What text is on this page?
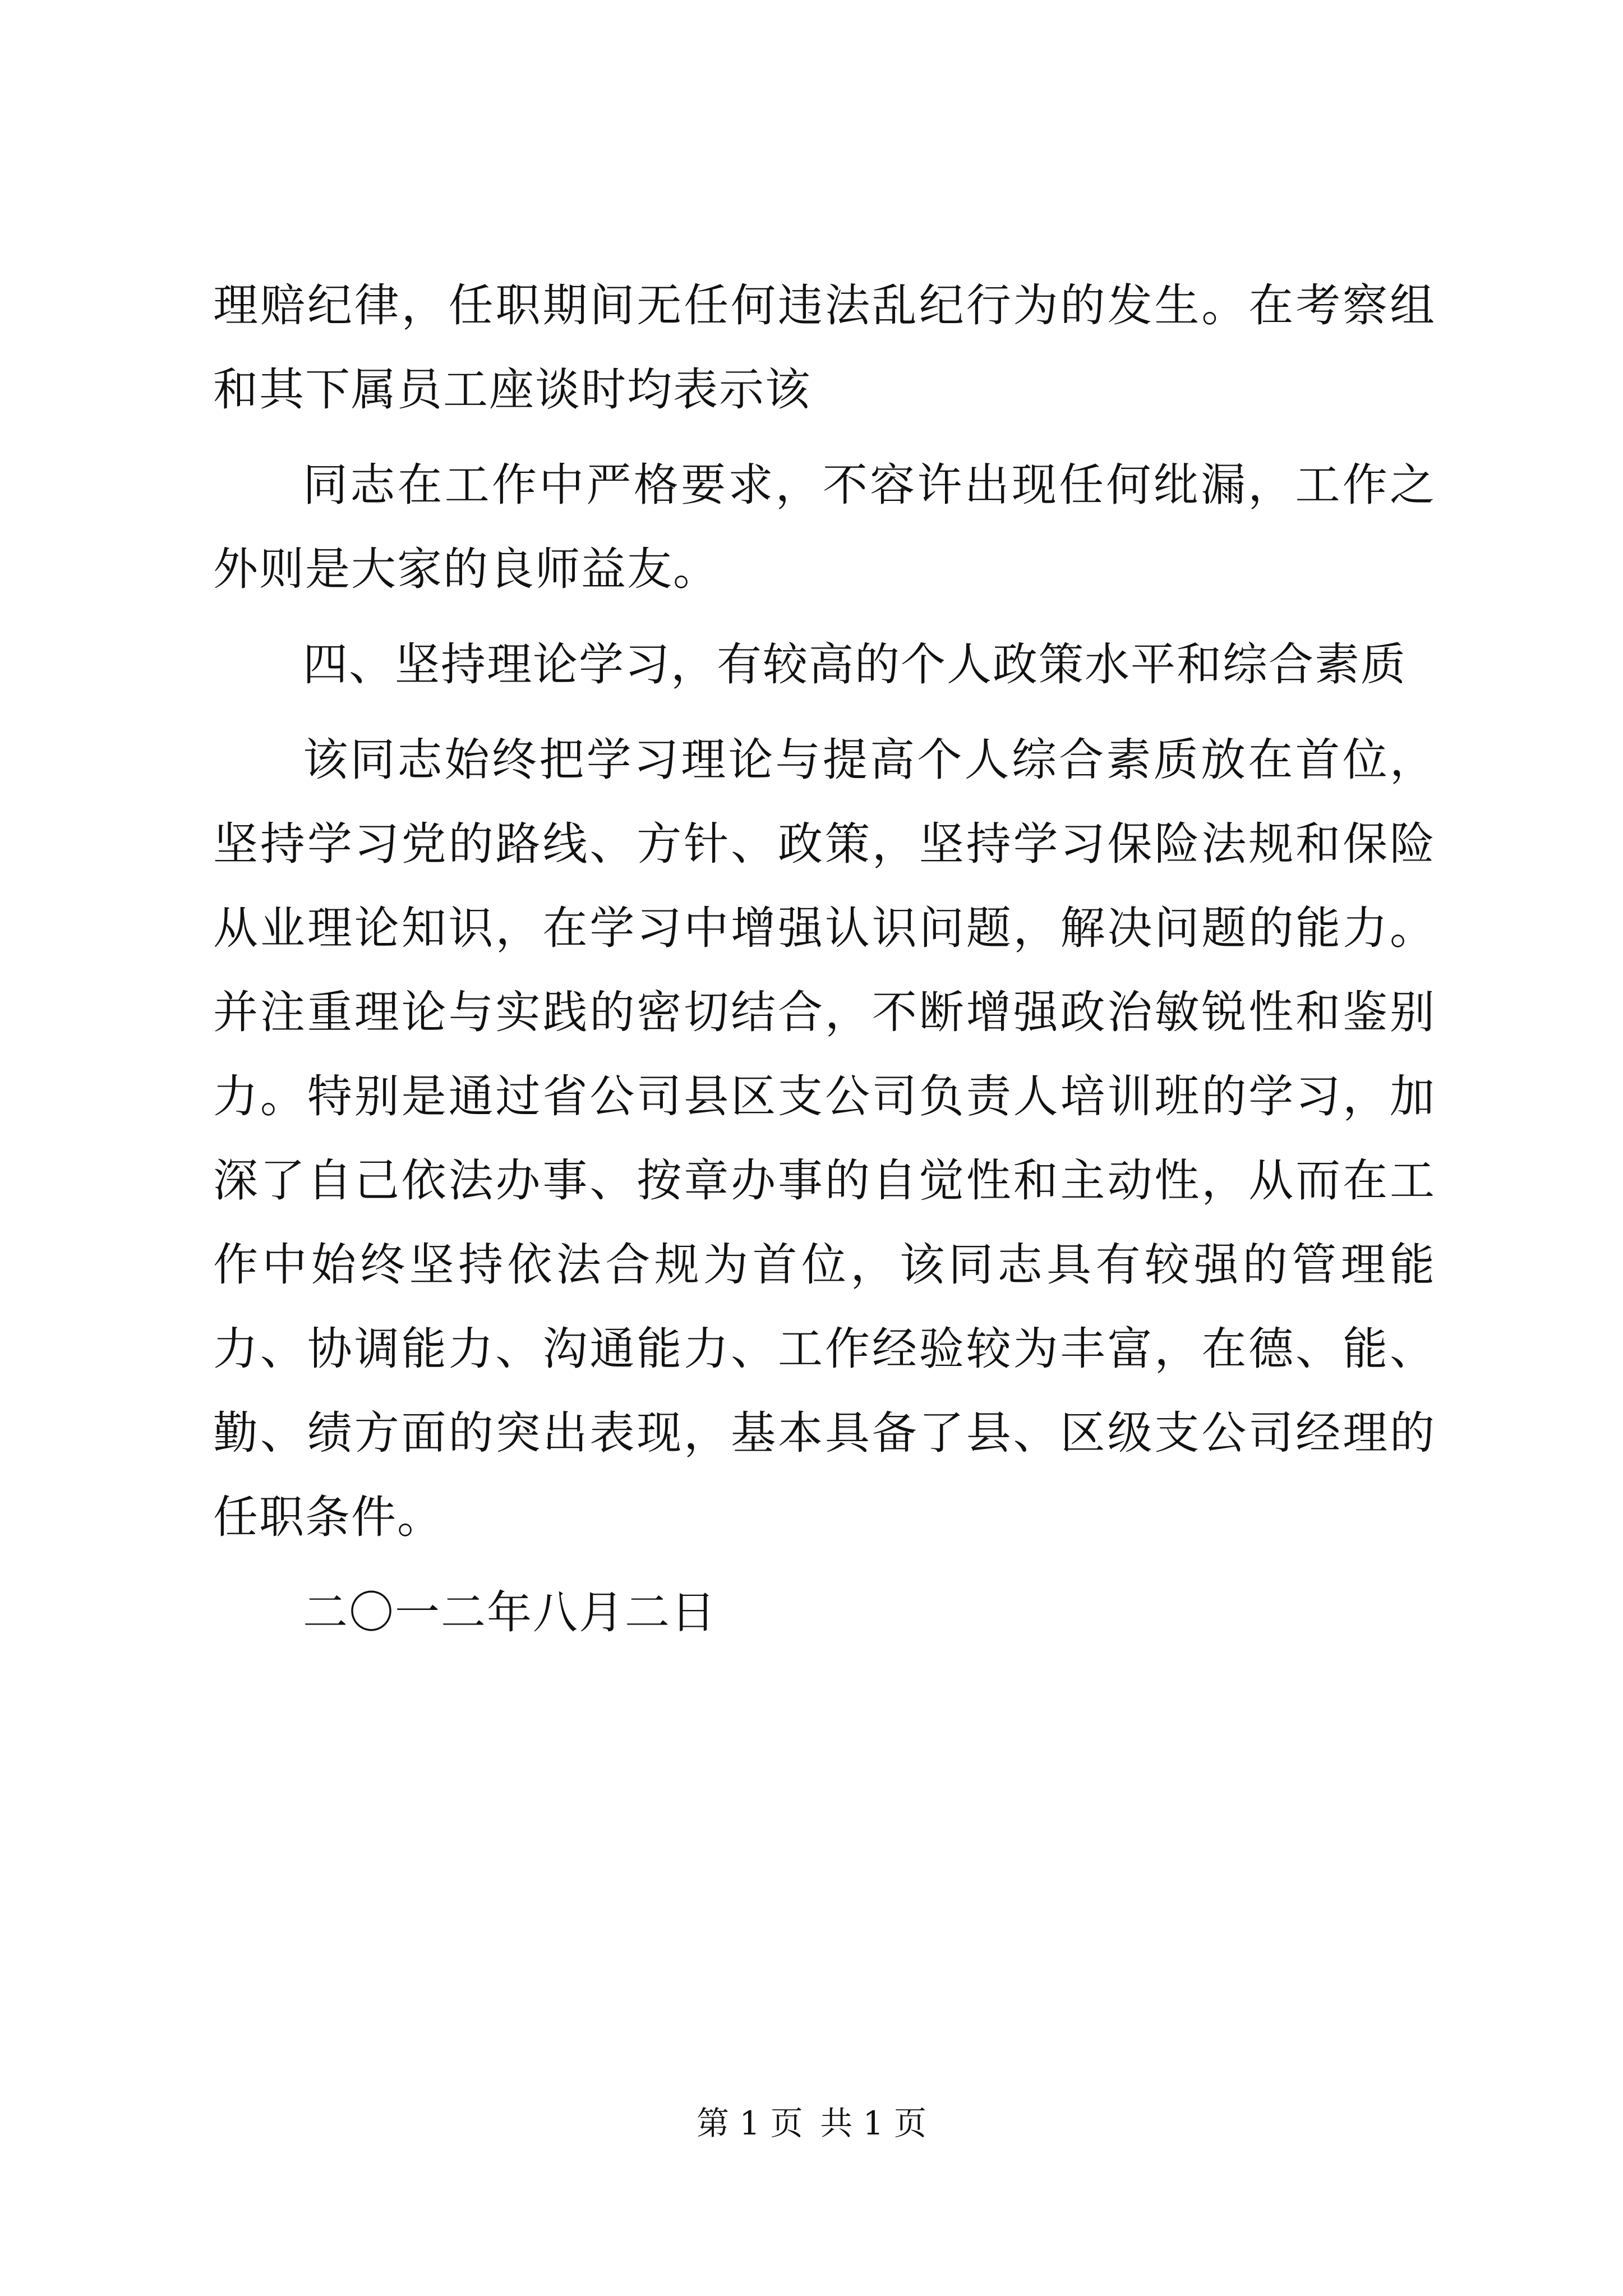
理赔纪律，任职期间无任何违法乱纪行为的发生。在考察组和其下属员工座谈时均表示该

同志在工作中严格要求，不容许出现任何纰漏，工作之外则是大家的良师益友。

四、坚持理论学习，有较高的个人政策水平和综合素质

该同志始终把学习理论与提高个人综合素质放在首位，坚持学习党的路线、方针、政策，坚持学习保险法规和保险从业理论知识，在学习中增强认识问题，解决问题的能力。并注重理论与实践的密切结合，不断增强政治敏锐性和鉴别力。特别是通过省公司县区支公司负责人培训班的学习，加深了自己依法办事、按章办事的自觉性和主动性，从而在工作中始终坚持依法合规为首位，该同志具有较强的管理能力、协调能力、沟通能力、工作经验较为丰富，在德、能、勤、绩方面的突出表现，基本具备了县、区级支公司经理的任职条件。

二〇一二年八月二日

第 1 页 共 1 页
